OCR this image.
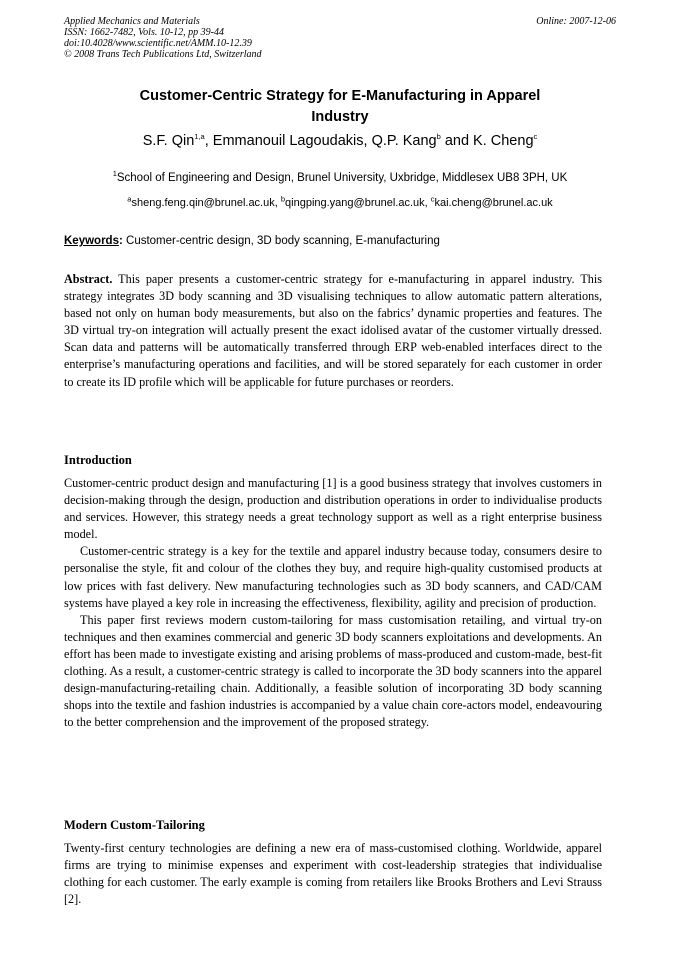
Applied Mechanics and Materials
ISSN: 1662-7482, Vols. 10-12, pp 39-44
doi:10.4028/www.scientific.net/AMM.10-12.39
© 2008 Trans Tech Publications Ltd, Switzerland
Online: 2007-12-06
Customer-Centric Strategy for E-Manufacturing in Apparel
Industry
S.F. Qin$^{1,a}$, Emmanouil Lagoudakis, Q.P. Kang$^b$ and K. Cheng$^c$
$^1$School of Engineering and Design, Brunel University, Uxbridge, Middlesex UB8 3PH, UK
$^a$sheng.feng.qin@brunel.ac.uk, $^b$qingping.yang@brunel.ac.uk, $^c$kai.cheng@brunel.ac.uk
Keywords: Customer-centric design, 3D body scanning, E-manufacturing

Abstract. This paper presents a customer-centric strategy for e-manufacturing in apparel industry. This strategy integrates 3D body scanning and 3D visualising techniques to allow automatic pattern alterations, based not only on human body measurements, but also on the fabrics’ dynamic properties and features. The 3D virtual try-on integration will actually present the exact idolised avatar of the customer virtually dressed. Scan data and patterns will be automatically transferred through ERP web-enabled interfaces direct to the enterprise’s manufacturing operations and facilities, and will be stored separately for each customer in order to create its ID profile which will be applicable for future purchases or reorders.

Introduction

Customer-centric product design and manufacturing [1] is a good business strategy that involves customers in decision-making through the design, production and distribution operations in order to individualise products and services. However, this strategy needs a great technology support as well as a right enterprise business model.

Customer-centric strategy is a key for the textile and apparel industry because today, consumers desire to personalise the style, fit and colour of the clothes they buy, and require high-quality customised products at low prices with fast delivery. New manufacturing technologies such as 3D body scanners, and CAD/CAM systems have played a key role in increasing the effectiveness, flexibility, agility and precision of production.

This paper first reviews modern custom-tailoring for mass customisation retailing, and virtual try-on techniques and then examines commercial and generic 3D body scanners exploitations and developments. An effort has been made to investigate existing and arising problems of mass-produced and custom-made, best-fit clothing. As a result, a customer-centric strategy is called to incorporate the 3D body scanners into the apparel design-manufacturing-retailing chain. Additionally, a feasible solution of incorporating 3D body scanning shops into the textile and fashion industries is accompanied by a value chain core-actors model, endeavouring to the better comprehension and the improvement of the proposed strategy.

Modern Custom-Tailoring

Twenty-first century technologies are defining a new era of mass-customised clothing. Worldwide, apparel firms are trying to minimise expenses and experiment with cost-leadership strategies that individualise clothing for each customer. The early example is coming from retailers like Brooks Brothers and Levi Strauss [2].
